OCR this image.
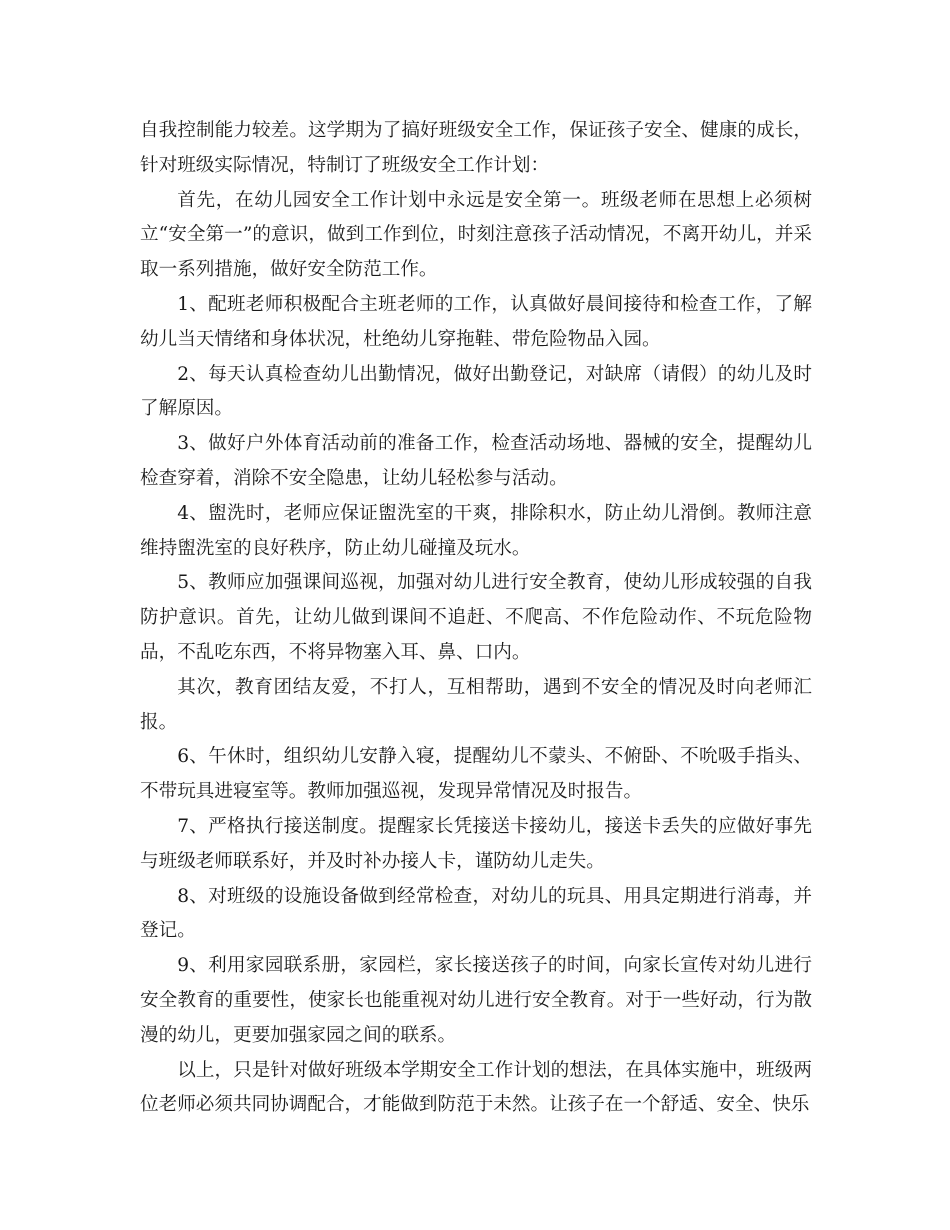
自我控制能力较差。这学期为了搞好班级安全工作，保证孩子安全、健康的成长，针对班级实际情况，特制订了班级安全工作计划：

首先，在幼儿园安全工作计划中永远是安全第一。班级老师在思想上必须树立“安全第一”的意识，做到工作到位，时刻注意孩子活动情况，不离开幼儿，并采取一系列措施，做好安全防范工作。

1、配班老师积极配合主班老师的工作，认真做好晨间接待和检查工作，了解幼儿当天情绪和身体状况，杜绝幼儿穿拖鞋、带危险物品入园。

2、每天认真检查幼儿出勤情况，做好出勤登记，对缺席（请假）的幼儿及时了解原因。

3、做好户外体育活动前的准备工作，检查活动场地、器械的安全，提醒幼儿检查穿着，消除不安全隐患，让幼儿轻松参与活动。

4、盥洗时，老师应保证盥洗室的干爽，排除积水，防止幼儿滑倒。教师注意维持盥洗室的良好秩序，防止幼儿碰撞及玩水。

5、教师应加强课间巡视，加强对幼儿进行安全教育，使幼儿形成较强的自我防护意识。首先，让幼儿做到课间不追赶、不爬高、不作危险动作、不玩危险物品，不乱吃东西，不将异物塞入耳、鼻、口内。

其次，教育团结友爱，不打人，互相帮助，遇到不安全的情况及时向老师汇报。

6、午休时，组织幼儿安静入寝，提醒幼儿不蒙头、不俯卧、不吮吸手指头、不带玩具进寝室等。教师加强巡视，发现异常情况及时报告。

7、严格执行接送制度。提醒家长凭接送卡接幼儿，接送卡丢失的应做好事先与班级老师联系好，并及时补办接人卡，谨防幼儿走失。

8、对班级的设施设备做到经常检查，对幼儿的玩具、用具定期进行消毒，并登记。

9、利用家园联系册，家园栏，家长接送孩子的时间，向家长宣传对幼儿进行安全教育的重要性，使家长也能重视对幼儿进行安全教育。对于一些好动，行为散漫的幼儿，更要加强家园之间的联系。

以上，只是针对做好班级本学期安全工作计划的想法，在具体实施中，班级两位老师必须共同协调配合，才能做到防范于未然。让孩子在一个舒适、安全、快乐
